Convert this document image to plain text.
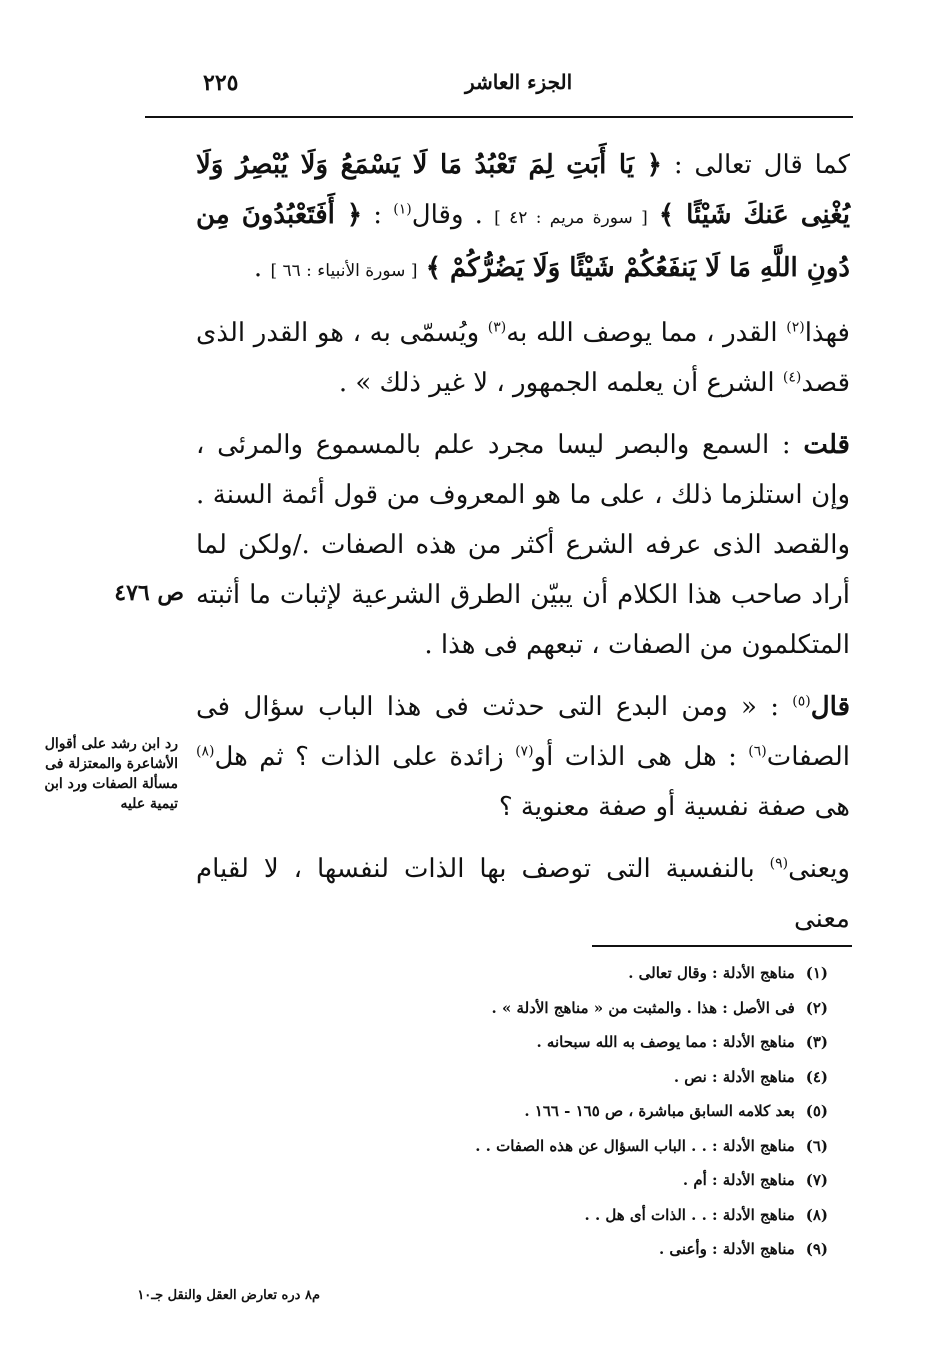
٢٢٥	الجزء العاشر

كما قال تعالى : ﴿ يَا أَبَتِ لِمَ تَعْبُدُ مَا لَا يَسْمَعُ وَلَا يُبْصِرُ وَلَا يُغْنِى عَنكَ شَيْئًا ﴾ [ سورة مريم : ٤٢ ] . وقال$^{(١)}$ : ﴿ أَفَتَعْبُدُونَ مِن دُونِ اللَّهِ مَا لَا يَنفَعُكُمْ شَيْئًا وَلَا يَضُرُّكُمْ ﴾ [ سورة الأنبياء : ٦٦ ] .

فهذا$^{(٢)}$ القدر ، مما يوصف الله به$^{(٣)}$ ويُسمّى به ، هو القدر الذى قصد$^{(٤)}$ الشرع أن يعلمه الجمهور ، لا غير ذلك » .

قلت : السمع والبصر ليسا مجرد علم بالمسموع والمرئى ، وإن استلزما ذلك ، على ما هو المعروف من قول أئمة السنة . والقصد الذى عرفه الشرع أكثر من هذه الصفات ./ولكن لما أراد صاحب هذا الكلام أن يبيّن الطرق الشرعية لإثبات ما أثبته المتكلمون من الصفات ، تبعهم فى هذا .

قال$^{(٥)}$ : « ومن البدع التى حدثت فى هذا الباب سؤال فى الصفات$^{(٦)}$ : هل هى الذات أو$^{(٧)}$ زائدة على الذات ؟ ثم هل$^{(٨)}$ هى صفة نفسية أو صفة معنوية ؟

ويعنى$^{(٩)}$ بالنفسية التى توصف بها الذات لنفسها ، لا لقيام معنى

ص ٤٧٦
رد ابن رشد على أقوال الأشاعرة والمعتزلة فى مسألة الصفات ورد ابن تيمية عليه
(١) مناهج الأدلة : وقال تعالى .
(٢) فى الأصل : هذا . والمثبت من « مناهج الأدلة » .
(٣) مناهج الأدلة : مما يوصف به الله سبحانه .
(٤) مناهج الأدلة : نص .
(٥) بعد كلامه السابق مباشرة ، ص ١٦٥ - ١٦٦ .
(٦) مناهج الأدلة : . . الباب السؤال عن هذه الصفات . .
(٧) مناهج الأدلة : أم .
(٨) مناهج الأدلة : . . الذات أى هل . .
(٩) مناهج الأدلة : وأعنى .
م٨ دره تعارض العقل والنقل جـ١٠
